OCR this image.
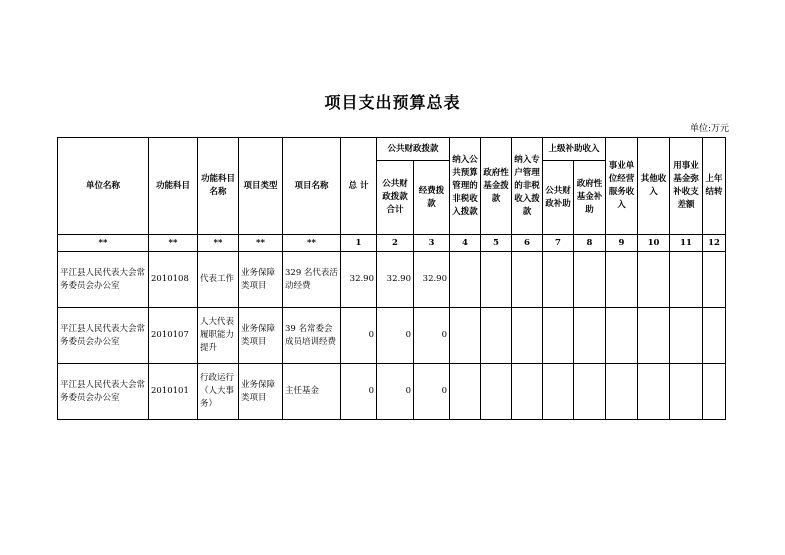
项目支出预算总表
单位:万元
单位名称	功能科目	功能科目名称	项目类型	项目名称	总 计	公共财政拨款		纳入公共预算管理的非税收入拨款	政府性基金拨款	纳入专户管理的非税收入拨款	上级补助收入		事业单位经营服务收入	其他收入	用事业基金弥补收支差额	上年结转
						公共财政拨款合计	经费拨款				公共财政补助	政府性基金补助				
**	**	**	**	**	1	2	3	4	5	6	7	8	9	10	11	12
平江县人民代表大会常务委员会办公室	2010108	代表工作	业务保障类项目	329 名代表活动经费	32.90	32.90	32.90									
平江县人民代表大会常务委员会办公室	2010107	人大代表履职能力提升	业务保障类项目	39 名常委会成员培训经费	0	0	0									
平江县人民代表大会常务委员会办公室	2010101	行政运行（人大事务）	业务保障类项目	主任基金	0	0	0									
